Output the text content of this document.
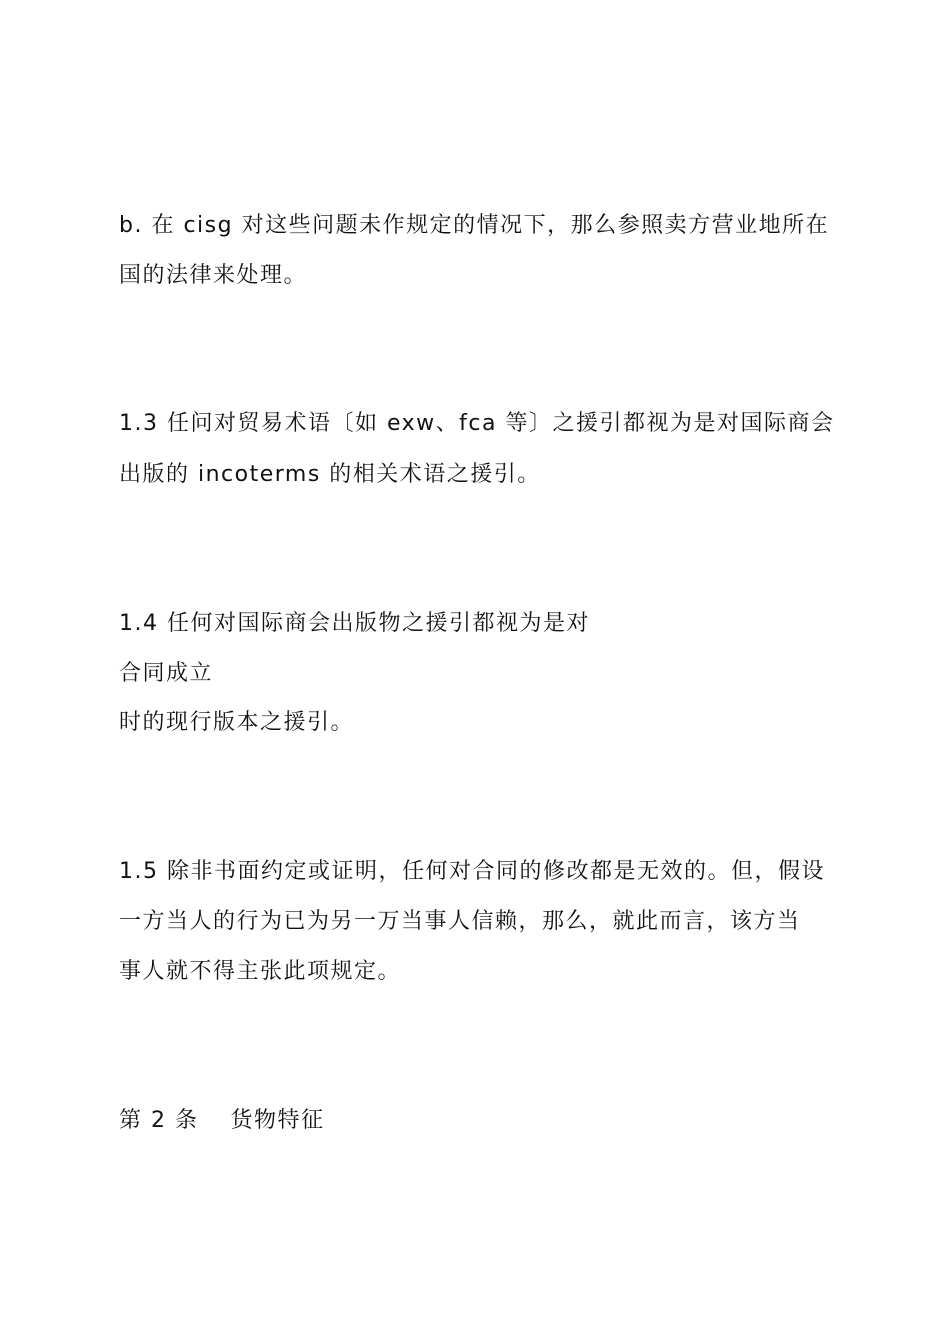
b. 在 cisg 对这些问题未作规定的情况下，那么参照卖方营业地所在
国的法律来处理。
1.3 任问对贸易术语〔如 exw、fca 等〕之援引都视为是对国际商会
出版的 incoterms 的相关术语之援引。
1.4 任何对国际商会出版物之援引都视为是对
合同成立
时的现行版本之援引。
1.5 除非书面约定或证明，任何对合同的修改都是无效的。但，假设
一方当人的行为已为另一万当事人信赖，那么，就此而言，该方当
事人就不得主张此项规定。
第 2 条　 货物特征
